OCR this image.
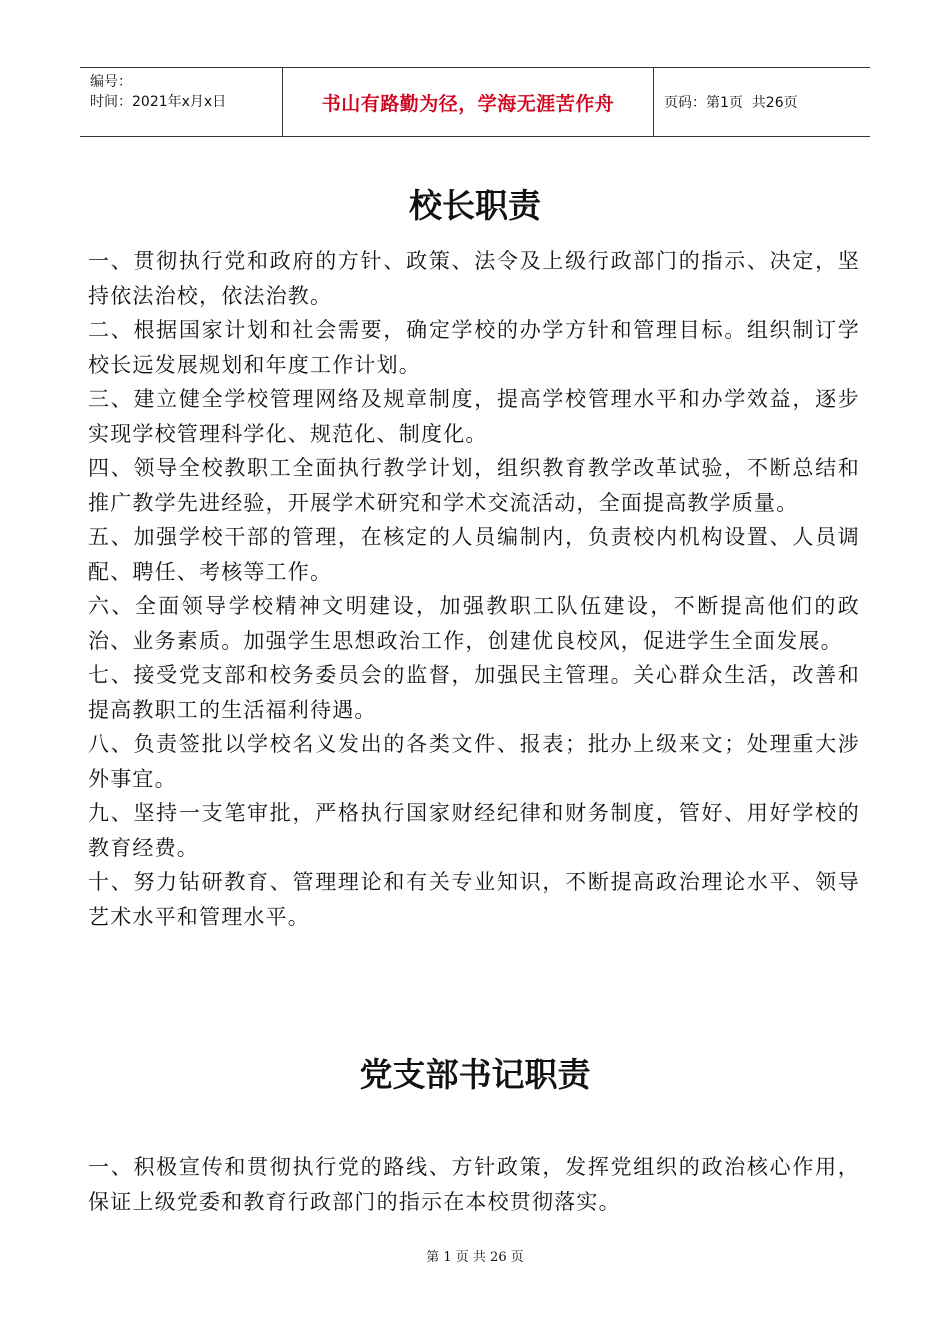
编号：
时间：2021年x月x日	书山有路勤为径，学海无涯苦作舟	页码：第1页  共26页
校长职责

一、贯彻执行党和政府的方针、政策、法令及上级行政部门的指示、决定，坚持依法治校，依法治教。

二、根据国家计划和社会需要，确定学校的办学方针和管理目标。组织制订学校长远发展规划和年度工作计划。

三、建立健全学校管理网络及规章制度，提高学校管理水平和办学效益，逐步实现学校管理科学化、规范化、制度化。

四、领导全校教职工全面执行教学计划，组织教育教学改革试验，不断总结和推广教学先进经验，开展学术研究和学术交流活动，全面提高教学质量。

五、加强学校干部的管理，在核定的人员编制内，负责校内机构设置、人员调配、聘任、考核等工作。

六、全面领导学校精神文明建设，加强教职工队伍建设，不断提高他们的政治、业务素质。加强学生思想政治工作，创建优良校风，促进学生全面发展。

七、接受党支部和校务委员会的监督，加强民主管理。关心群众生活，改善和提高教职工的生活福利待遇。

八、负责签批以学校名义发出的各类文件、报表；批办上级来文；处理重大涉外事宜。

九、坚持一支笔审批，严格执行国家财经纪律和财务制度，管好、用好学校的教育经费。

十、努力钻研教育、管理理论和有关专业知识，不断提高政治理论水平、领导艺术水平和管理水平。

党支部书记职责

一、积极宣传和贯彻执行党的路线、方针政策，发挥党组织的政治核心作用，保证上级党委和教育行政部门的指示在本校贯彻落实。

第 1 页 共 26 页
